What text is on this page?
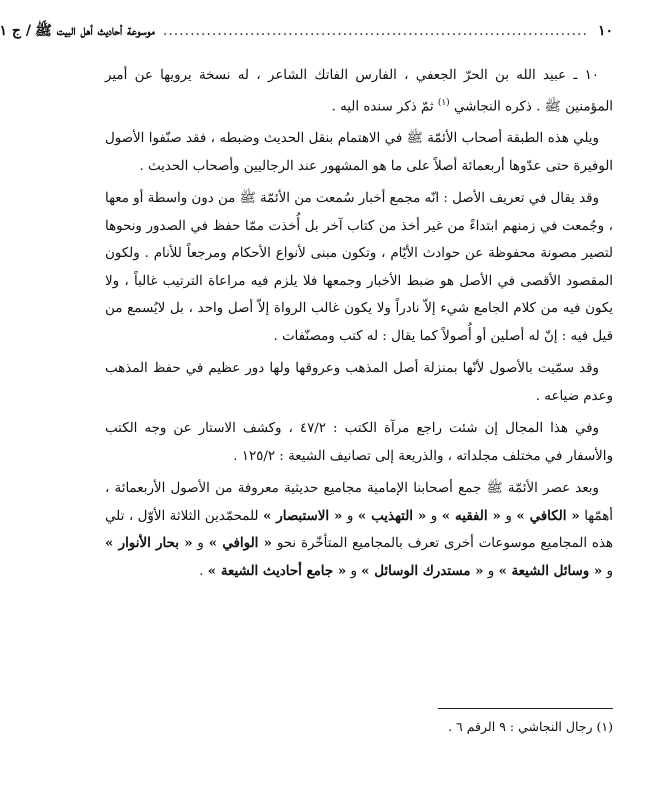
١٠
..............................................................................
موسوعة أحاديث أهل البيت ﷺ
/ ج ١

١٠ ـ عبيد الله بن الحرّ الجعفي ، الفارس الفاتك الشاعر ، له نسخة يرويها عن أمير المؤمنين ﷺ . ذكره النجاشي $^{(١)}$ ثمّ ذكر سنده اليه .

ويلي هذه الطبقة أصحاب الأئمّة ﷺ في الاهتمام بنقل الحديث وضبطه ، فقد صنّفوا الأصول الوفيرة حتى عدّوها أربعمائة أصلاً على ما هو المشهور عند الرجاليين وأصحاب الحديث .

وقد يقال في تعريف الأصل : انّه مجمع أخبار سُمعت من الأئمّة ﷺ من دون واسطة أو معها ، وجُمعت في زمنهم ابتداءً من غير أخذ من كتاب آخر بل أُخذت ممّا حفظ في الصدور ونحوها لتصير مصونة محفوظة عن حوادث الأيّام ، وتكون مبنى لأنواع الأحكام ومرجعاً للأنام . ولكون المقصود الأقصى في الأصل هو ضبط الأخبار وجمعها فلا يلزم فيه مراعاة الترتيب غالباً ، ولا يكون فيه من كلام الجامع شيء إلاّ نادراً ولا يكون غالب الرواة إلاّ أصل واحد ، بل لايُسمع من قيل فيه : إنّ له أصلين أو أُصولاً كما يقال : له كتب ومصنّفات .

وقد سمّيت بالأصول لأنّها بمنزلة أصل المذهب وعروقها ولها دور عظيم في حفظ المذهب وعدم ضياعه .

وفي هذا المجال إن شئت راجع مرآة الكتب : ٤٧/٢ ، وكشف الاستار عن وجه الكتب والأسفار في مختلف مجلداته ، والذريعة إلى تصانيف الشيعة : ١٢٥/٢ .

وبعد عصر الأئمّة ﷺ جمع أصحابنا الإمامية مجاميع حديثية معروفة من الأصول الأربعمائة ، أهمّها « الكافي » و « الفقيه » و « التهذيب » و « الاستبصار » للمحمّدين الثلاثة الأوّل ، تلي هذه المجاميع موسوعات أخرى تعرف بالمجاميع المتأخّرة نحو « الوافي » و « بحار الأنوار » و « وسائل الشيعة » و « مستدرك الوسائل » و « جامع أحاديث الشيعة » .

(١) رجال النجاشي : ٩ الرقم ٦ .
